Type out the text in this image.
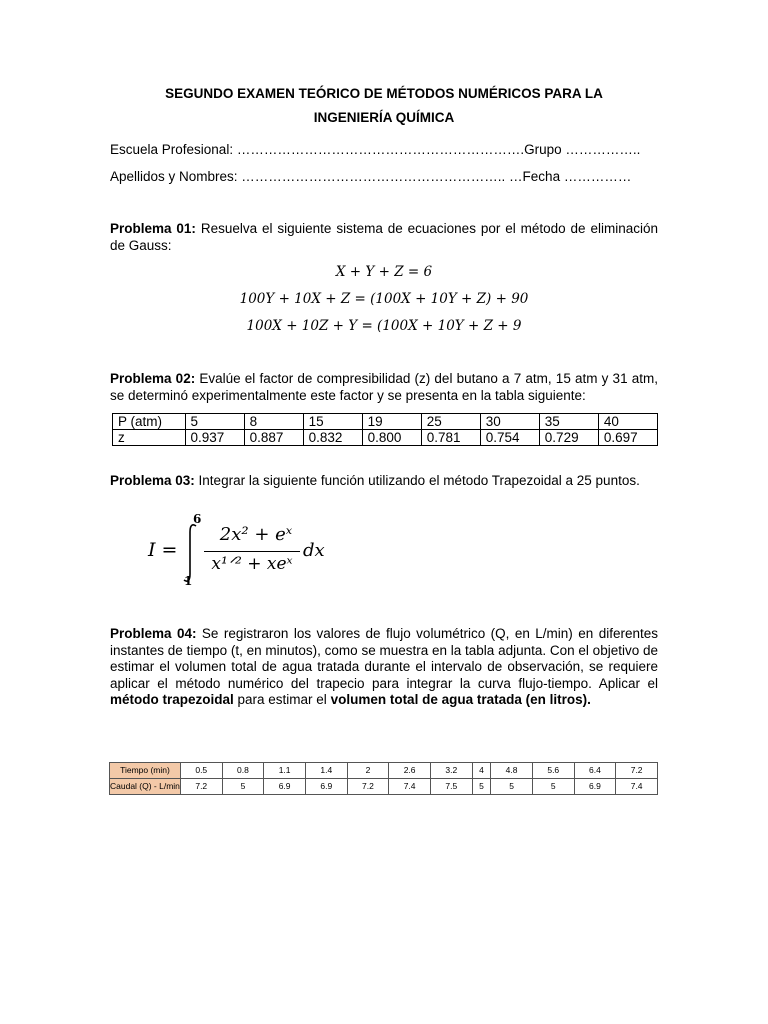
SEGUNDO EXAMEN TEÓRICO DE MÉTODOS NUMÉRICOS PARA LA
INGENIERÍA QUÍMICA
Escuela Profesional: ……………………………………………………….Grupo ……………..
Apellidos y Nombres: ………………………………………………….. …Fecha ……………
Problema 01: Resuelva el siguiente sistema de ecuaciones por el método de eliminación de Gauss:
X + Y + Z = 6
100Y + 10X + Z = (100X + 10Y + Z) + 90
100X + 10Z + Y = (100X + 10Y + Z + 9
Problema 02: Evalúe el factor de compresibilidad (z) del butano a 7 atm, 15 atm y 31 atm, se determinó experimentalmente este factor y se presenta en la tabla siguiente:
P (atm)	5	8	15	19	25	30	35	40
z	0.937	0.887	0.832	0.800	0.781	0.754	0.729	0.697
Problema 03: Integrar la siguiente función utilizando el método Trapezoidal a 25 puntos.
I =
6
1
2x² + eˣ
x¹ᐟ² + xeˣ
dx
Problema 04: Se registraron los valores de flujo volumétrico (Q, en L/min) en diferentes instantes de tiempo (t, en minutos), como se muestra en la tabla adjunta. Con el objetivo de estimar el volumen total de agua tratada durante el intervalo de observación, se requiere aplicar el método numérico del trapecio para integrar la curva flujo-tiempo. Aplicar el método trapezoidal para estimar el volumen total de agua tratada (en litros).
Tiempo (min)	0.5	0.8	1.1	1.4	2	2.6	3.2	4	4.8	5.6	6.4	7.2
Caudal (Q) - L/min	7.2	5	6.9	6.9	7.2	7.4	7.5	5	5	5	6.9	7.4
